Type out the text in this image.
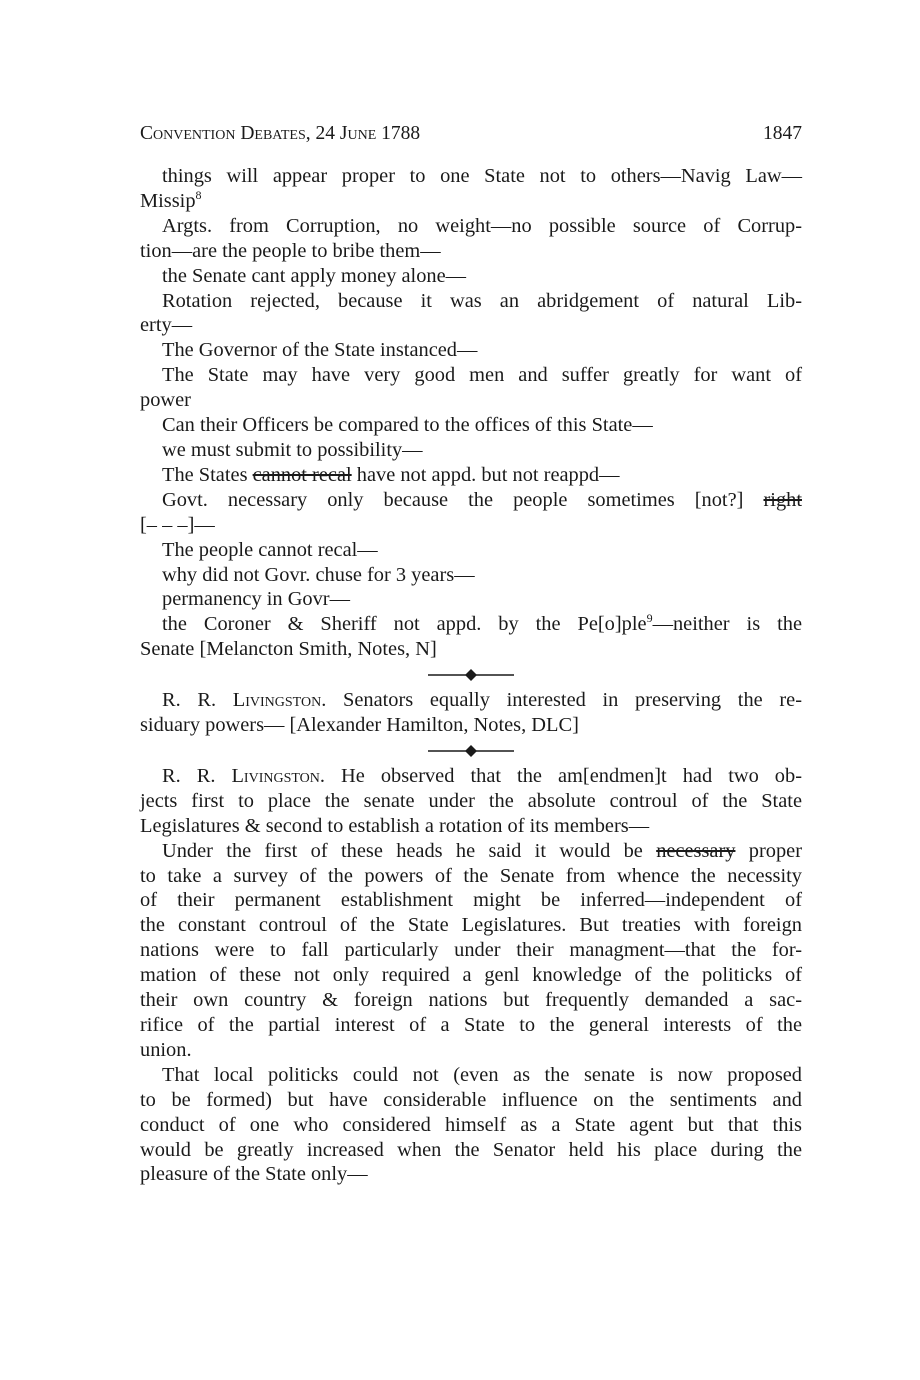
Convention Debates, 24 June 1788	1847

things will appear proper to one State not to others—Navig Law—

Missip$^8$

Argts. from Corruption, no weight—no possible source of Corrup-

tion—are the people to bribe them—

the Senate cant apply money alone—

Rotation rejected, because it was an abridgement of natural Lib-

erty—

The Governor of the State instanced—

The State may have very good men and suffer greatly for want of

power

Can their Officers be compared to the offices of this State—

we must submit to possibility—

The States cannot recal have not appd. but not reappd—

Govt. necessary only because the people sometimes [not?] right

[– – –]—

The people cannot recal—

why did not Govr. chuse for 3 years—

permanency in Govr—

the Coroner & Sheriff not appd. by the Pe[o]ple$^9$—neither is the

Senate [Melancton Smith, Notes, N]

R. R. Livingston. Senators equally interested in preserving the re-

siduary powers— [Alexander Hamilton, Notes, DLC]

R. R. Livingston. He observed that the am[endmen]t had two ob-

jects first to place the senate under the absolute controul of the State

Legislatures & second to establish a rotation of its members—

Under the first of these heads he said it would be necessary proper

to take a survey of the powers of the Senate from whence the necessity

of their permanent establishment might be inferred—independent of

the constant controul of the State Legislatures. But treaties with foreign

nations were to fall particularly under their managment—that the for-

mation of these not only required a genl knowledge of the politicks of

their own country & foreign nations but frequently demanded a sac-

rifice of the partial interest of a State to the general interests of the

union.

That local politicks could not (even as the senate is now proposed

to be formed) but have considerable influence on the sentiments and

conduct of one who considered himself as a State agent but that this

would be greatly increased when the Senator held his place during the

pleasure of the State only—
